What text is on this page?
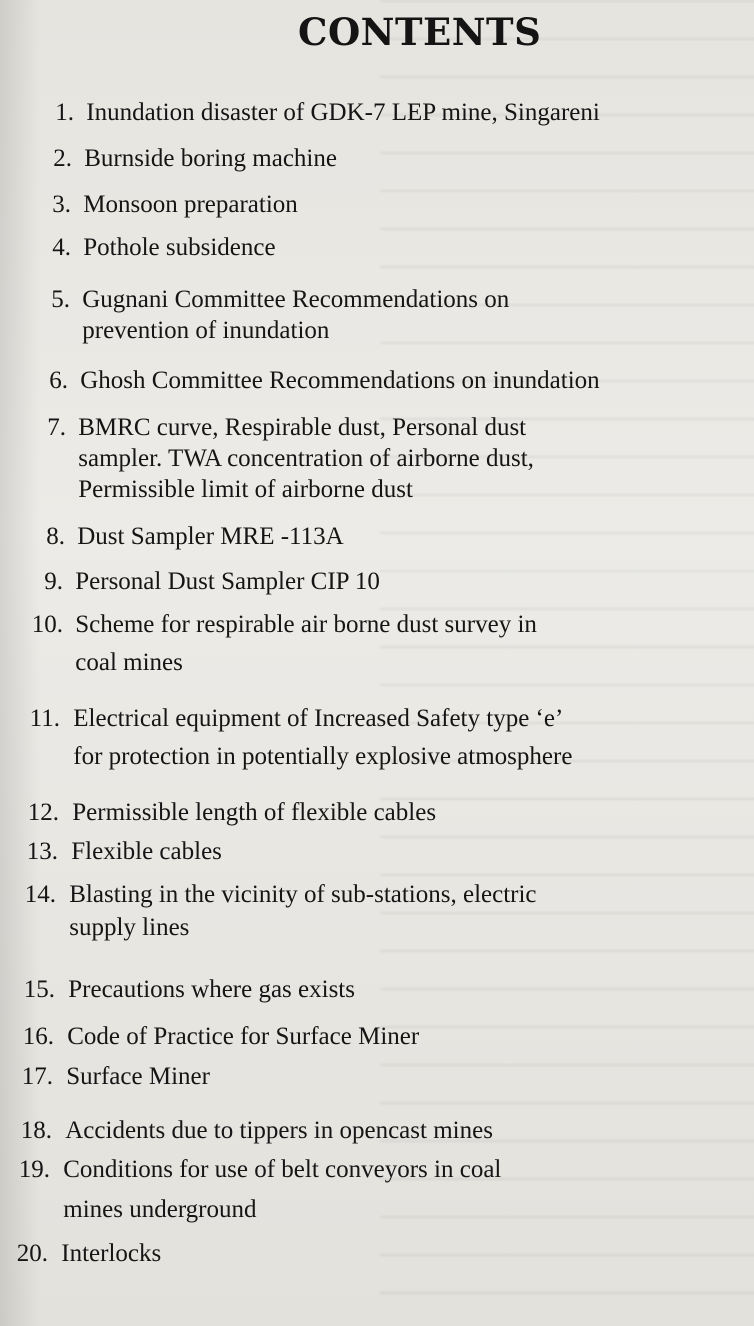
CONTENTS
1. Inundation disaster of GDK-7 LEP mine, Singareni
2. Burnside boring machine
3. Monsoon preparation
4. Pothole subsidence
5. Gugnani Committee Recommendations on
prevention of inundation
6. Ghosh Committee Recommendations on inundation
7. BMRC curve, Respirable dust, Personal dust
sampler. TWA concentration of airborne dust,
Permissible limit of airborne dust
8. Dust Sampler MRE -113A
9. Personal Dust Sampler CIP 10
10. Scheme for respirable air borne dust survey in
coal mines
11. Electrical equipment of Increased Safety type ‘e’
for protection in potentially explosive atmosphere
12. Permissible length of flexible cables
13. Flexible cables
14. Blasting in the vicinity of sub-stations, electric
supply lines
15. Precautions where gas exists
16. Code of Practice for Surface Miner
17. Surface Miner
18. Accidents due to tippers in opencast mines
19. Conditions for use of belt conveyors in coal
mines underground
20. Interlocks
